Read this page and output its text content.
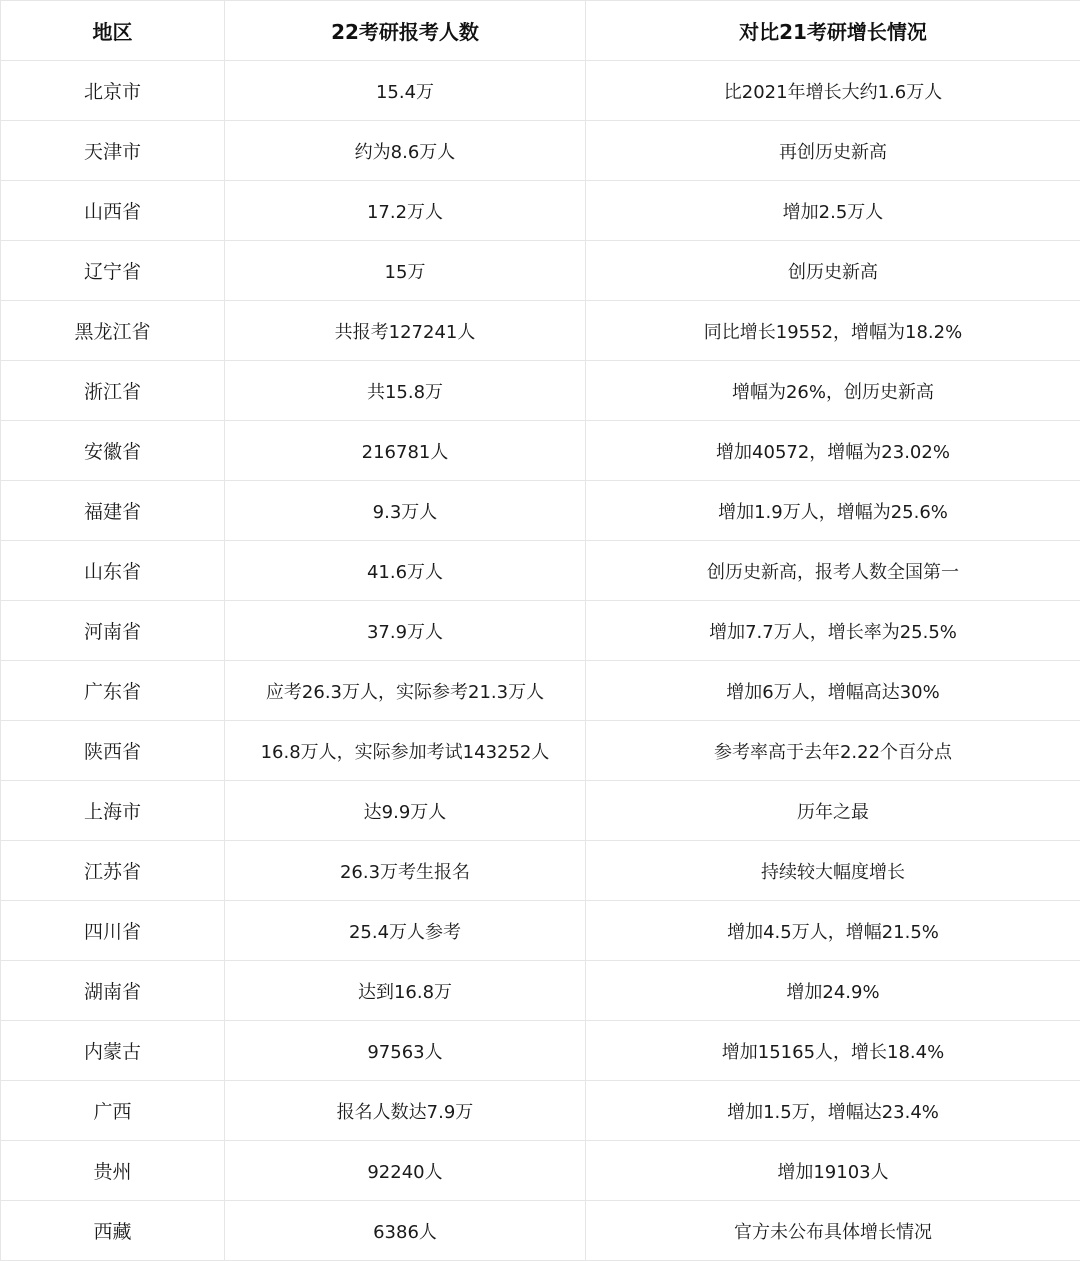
地区	22考研报考人数	对比21考研增长情况
北京市	15.4万	比2021年增长大约1.6万人
天津市	约为8.6万人	再创历史新高
山西省	17.2万人	增加2.5万人
辽宁省	15万	创历史新高
黑龙江省	共报考127241人	同比增长19552，增幅为18.2%
浙江省	共15.8万	增幅为26%，创历史新高
安徽省	216781人	增加40572，增幅为23.02%
福建省	9.3万人	增加1.9万人，增幅为25.6%
山东省	41.6万人	创历史新高，报考人数全国第一
河南省	37.9万人	增加7.7万人，增长率为25.5%
广东省	应考26.3万人，实际参考21.3万人	增加6万人，增幅高达30%
陕西省	16.8万人，实际参加考试143252人	参考率高于去年2.22个百分点
上海市	达9.9万人	历年之最
江苏省	26.3万考生报名	持续较大幅度增长
四川省	25.4万人参考	增加4.5万人，增幅21.5%
湖南省	达到16.8万	增加24.9%
内蒙古	97563人	增加15165人，增长18.4%
广西	报名人数达7.9万	增加1.5万，增幅达23.4%
贵州	92240人	增加19103人
西藏	6386人	官方未公布具体增长情况
